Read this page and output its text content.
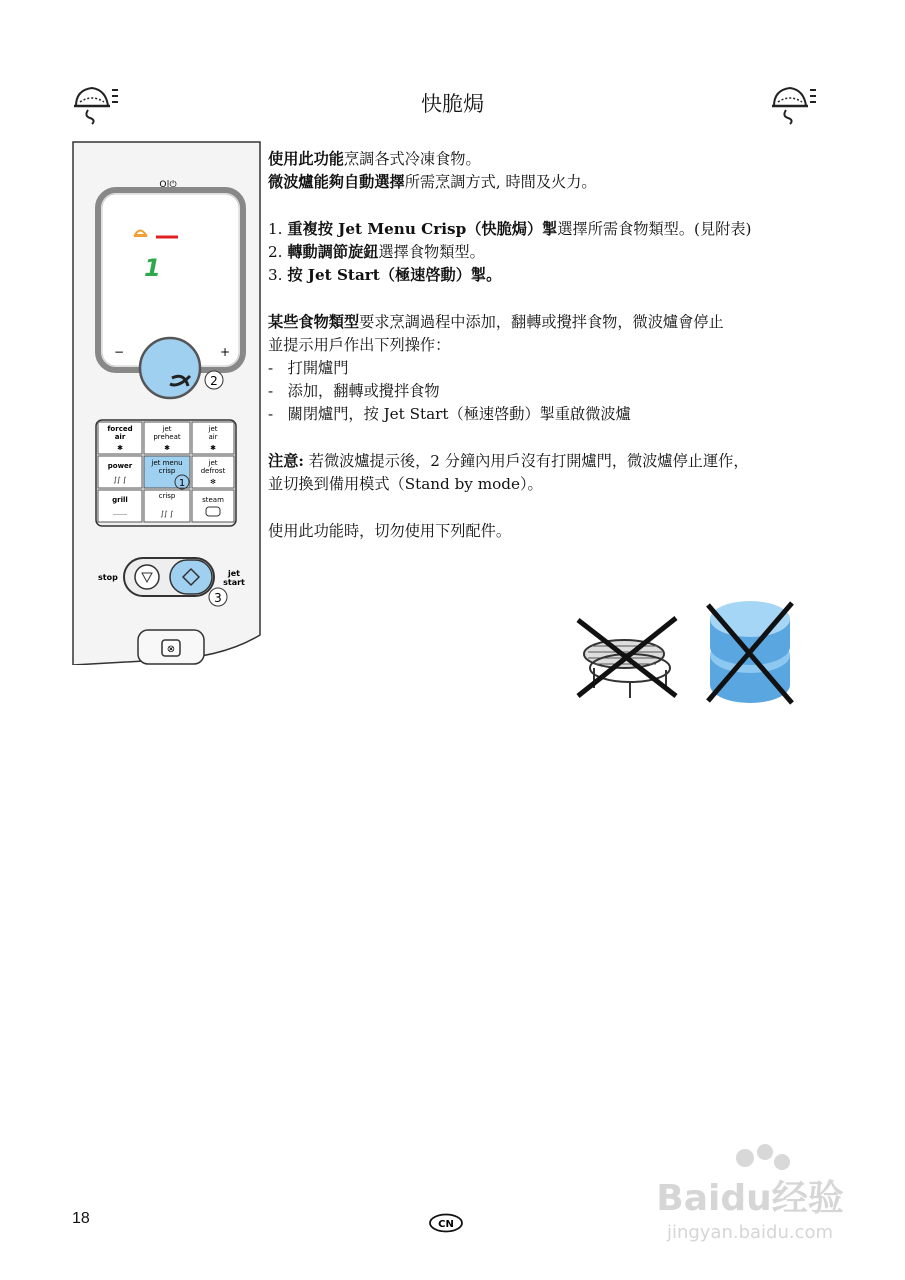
快脆焗
O|⏻
1
−	+
2
forced
air
✱
jet
preheat
✱
jet
air
✱
power
∫∫ ∫
jet menu
crisp
1
jet
defrost
✻
grill
﹏﹏
crisp
∫∫ ∫
steam
stop	jet
start
3
⊗

使用此功能烹調各式冷凍食物。

微波爐能夠自動選擇所需烹調方式, 時間及火力。

1. 重複按 Jet Menu Crisp（快脆焗）掣選擇所需食物類型。(見附表)

2. 轉動調節旋鈕選擇食物類型。

3. 按 Jet Start（極速啓動）掣。

某些食物類型要求烹調過程中添加，翻轉或攪拌食物，微波爐會停止

並提示用戶作出下列操作：

-   打開爐門

-   添加，翻轉或攪拌食物

-   關閉爐門，按 Jet Start（極速啓動）掣重啟微波爐

注意: 若微波爐提示後，2 分鐘內用戶沒有打開爐門，微波爐停止運作，

並切換到備用模式（Stand by mode）。

使用此功能時，切勿使用下列配件。

18	CN
Baidu经验
jingyan.baidu.com
